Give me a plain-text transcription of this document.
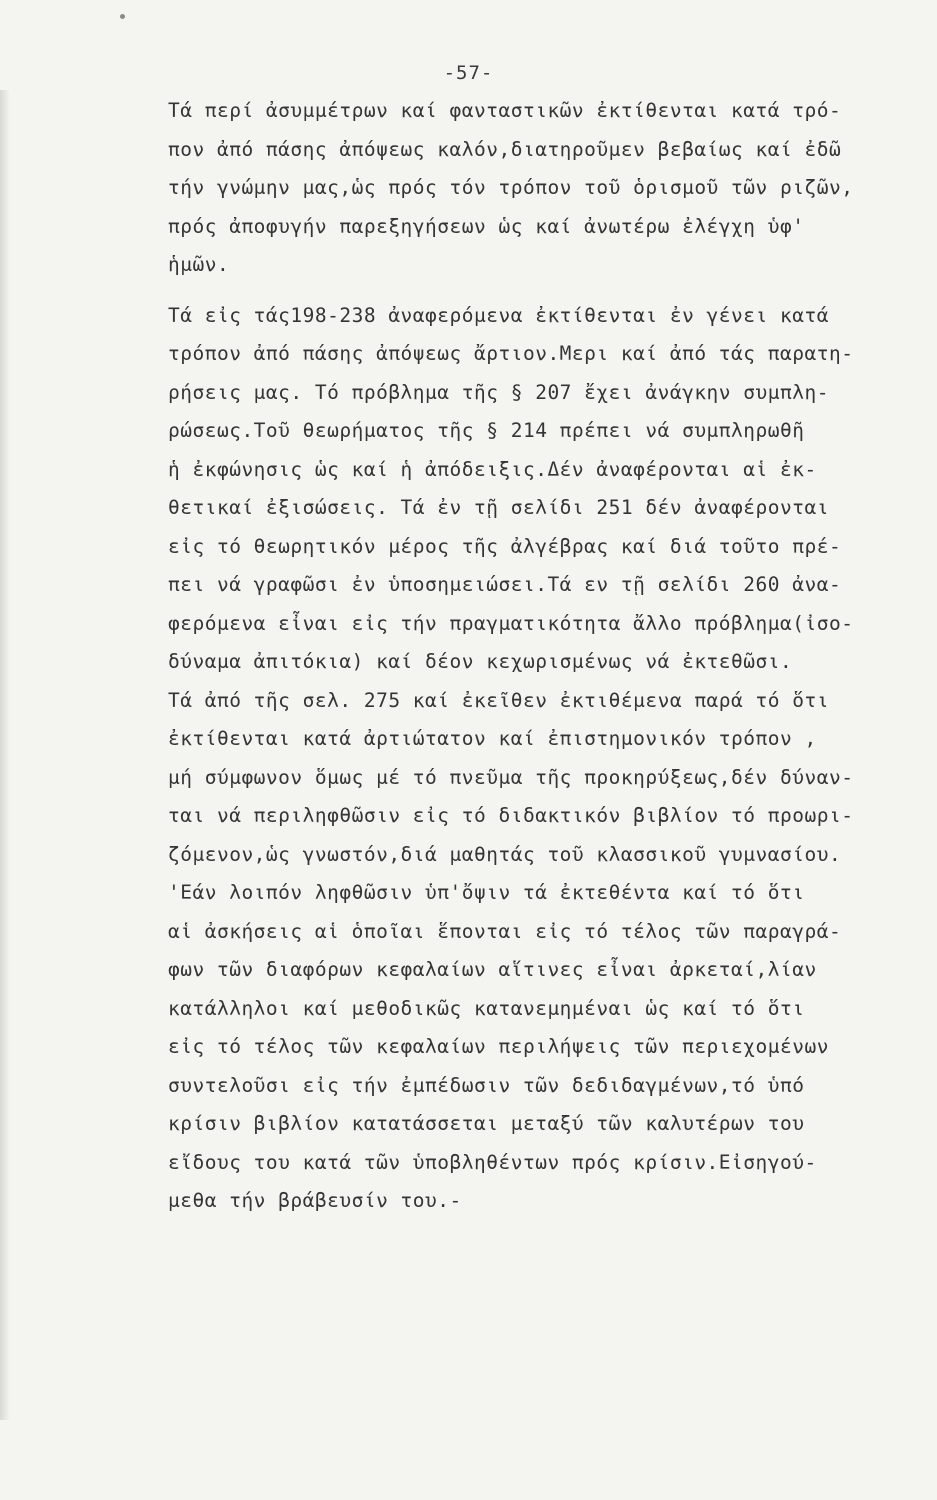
-57-
Τά περί ἀσυμμέτρων καί φανταστικῶν ἐκτίθενται κατά τρό-
πον ἀπό πάσης ἀπόψεως καλόν,διατηροῦμεν βεβαίως καί ἐδῶ
τήν γνώμην μας,ὡς πρός τόν τρόπον τοῦ ὁρισμοῦ τῶν ριζῶν,
πρός ἀποφυγήν παρεξηγήσεων ὡς καί ἀνωτέρω ἐλέγχη ὑφ'
ἡμῶν.
Τά εἰς τάς198-238 ἀναφερόμενα ἐκτίθενται ἐν γένει κατά
τρόπον ἀπό πάσης ἀπόψεως ἄρτιον.Μερι καί ἀπό τάς παρατη-
ρήσεις μας. Τό πρόβλημα τῆς § 207 ἔχει ἀνάγκην συμπλη-
ρώσεως.Τοῦ θεωρήματος τῆς § 214 πρέπει νά συμπληρωθῆ
ἡ ἐκφώνησις ὡς καί ἡ ἀπόδειξις.Δέν ἀναφέρονται αἱ ἐκ-
θετικαί ἐξισώσεις. Τά ἐν τῇ σελίδι 251 δέν ἀναφέρονται
εἰς τό θεωρητικόν μέρος τῆς ἀλγέβρας καί διά τοῦτο πρέ-
πει νά γραφῶσι ἐν ὑποσημειώσει.Τά εν τῇ σελίδι 260 ἀνα-
φερόμενα εἶναι εἰς τήν πραγματικότητα ἄλλο πρόβλημα(ἰσο-
δύναμα ἀπιτόκια) καί δέον κεχωρισμένως νά ἐκτεθῶσι.
Τά ἀπό τῆς σελ. 275 καί ἐκεῖθεν ἐκτιθέμενα παρά τό ὅτι
ἐκτίθενται κατά ἀρτιώτατον καί ἐπιστημονικόν τρόπον ,
μή σύμφωνον ὅμως μέ τό πνεῦμα τῆς προκηρύξεως,δέν δύναν-
ται νά περιληφθῶσιν εἰς τό διδακτικόν βιβλίον τό προωρι-
ζόμενον,ὡς γνωστόν,διά μαθητάς τοῦ κλασσικοῦ γυμνασίου.
'Εάν λοιπόν ληφθῶσιν ὑπ'ὄψιν τά ἐκτεθέντα καί τό ὅτι
αἱ ἀσκήσεις αἱ ὁποῖαι ἕπονται εἰς τό τέλος τῶν παραγρά-
φων τῶν διαφόρων κεφαλαίων αἵτινες εἶναι ἀρκεταί,λίαν
κατάλληλοι καί μεθοδικῶς κατανεμημέναι ὡς καί τό ὅτι
εἰς τό τέλος τῶν κεφαλαίων περιλήψεις τῶν περιεχομένων
συντελοῦσι εἰς τήν ἐμπέδωσιν τῶν δεδιδαγμένων,τό ὑπό
κρίσιν βιβλίον κατατάσσεται μεταξύ τῶν καλυτέρων του
εἴδους του κατά τῶν ὑποβληθέντων πρός κρίσιν.Εἰσηγού-
μεθα τήν βράβευσίν του.-
